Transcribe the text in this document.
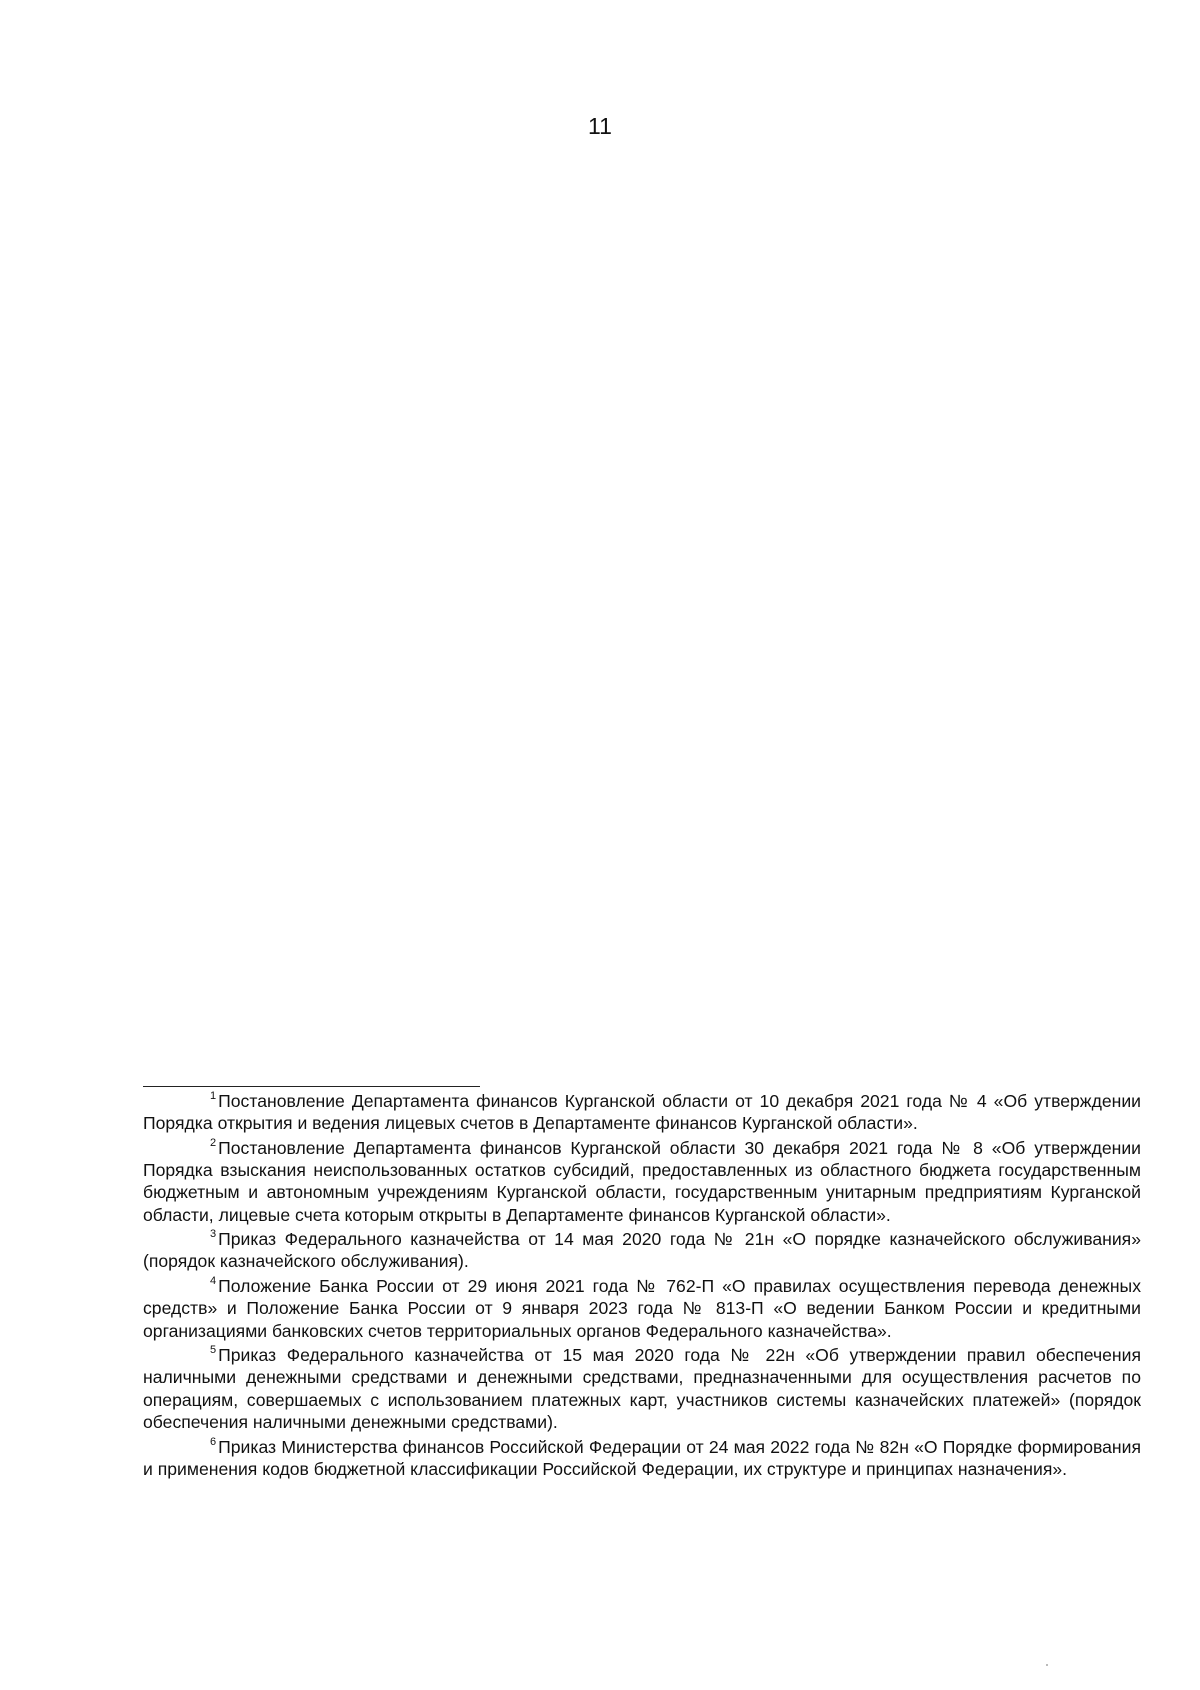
11

$^1$ Постановление Департамента финансов Курганской области от 10 декабря 2021 года № 4 «Об утверждении Порядка открытия и ведения лицевых счетов в Департаменте финансов Курганской области».

$^2$ Постановление Департамента финансов Курганской области 30 декабря 2021 года № 8 «Об утверждении Порядка взыскания неиспользованных остатков субсидий, предоставленных из областного бюджета государственным бюджетным и автономным учреждениям Курганской области, государственным унитарным предприятиям Курганской области, лицевые счета которым открыты в Департаменте финансов Курганской области».

$^3$ Приказ Федерального казначейства от 14 мая 2020 года № 21н «О порядке казначейского обслуживания» (порядок казначейского обслуживания).

$^4$ Положение Банка России от 29 июня 2021 года № 762-П «О правилах осуществления перевода денежных средств» и Положение Банка России от 9 января 2023 года № 813-П «О ведении Банком России и кредитными организациями банковских счетов территориальных органов Федерального казначейства».

$^5$ Приказ Федерального казначейства от 15 мая 2020 года № 22н «Об утверждении правил обеспечения наличными денежными средствами и денежными средствами, предназначенными для осуществления расчетов по операциям, совершаемых с использованием платежных карт, участников системы казначейских платежей» (порядок обеспечения наличными денежными средствами).

$^6$ Приказ Министерства финансов Российской Федерации от 24 мая 2022 года № 82н «О Порядке формирования и применения кодов бюджетной классификации Российской Федерации, их структуре и принципах назначения».
